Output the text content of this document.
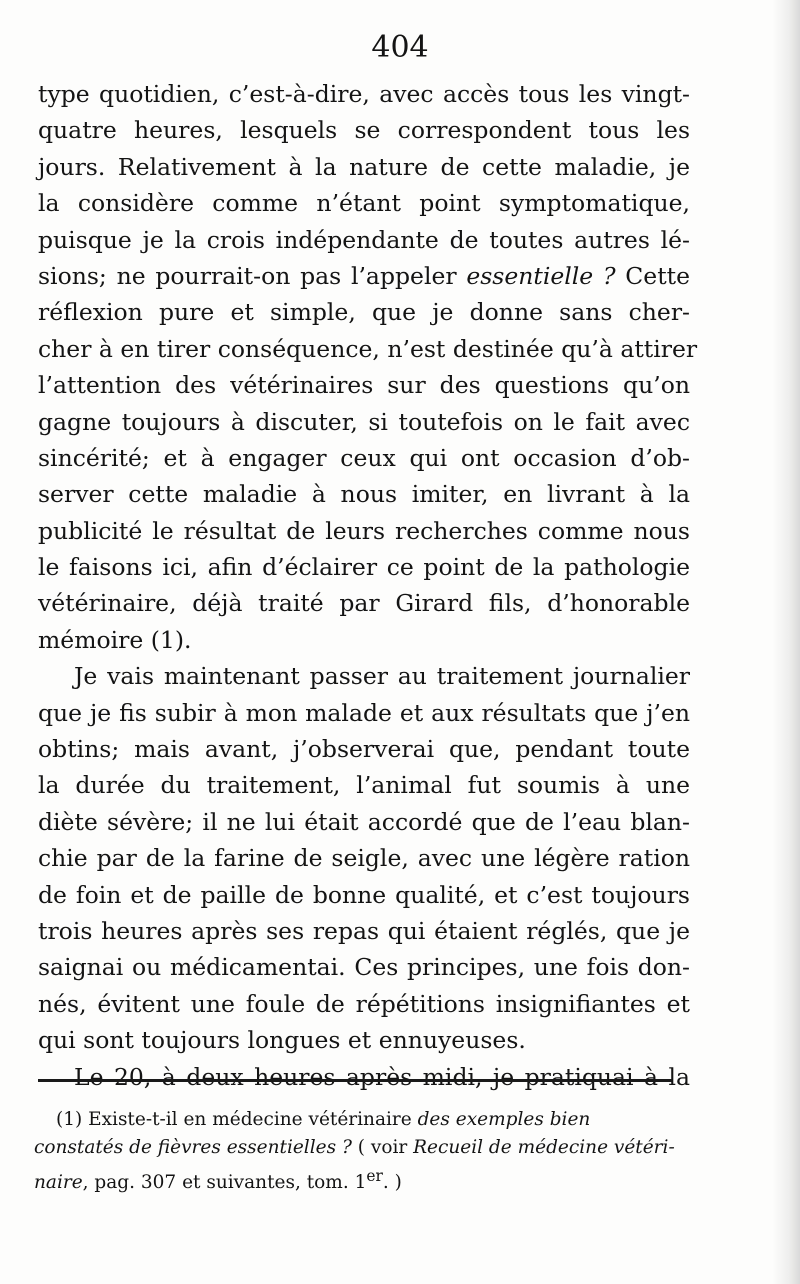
404
type quotidien, c’est-à-dire, avec accès tous les vingt-
quatre heures, lesquels se correspondent tous les
jours. Relativement à la nature de cette maladie, je
la considère comme n’étant point symptomatique,
puisque je la crois indépendante de toutes autres lé-
sions; ne pourrait-on pas l’appeler essentielle ? Cette
réflexion pure et simple, que je donne sans cher-
cher à en tirer conséquence, n’est destinée qu’à attirer
l’attention des vétérinaires sur des questions qu’on
gagne toujours à discuter, si toutefois on le fait avec
sincérité; et à engager ceux qui ont occasion d’ob-
server cette maladie à nous imiter, en livrant à la
publicité le résultat de leurs recherches comme nous
le faisons ici, afin d’éclairer ce point de la pathologie
vétérinaire, déjà traité par Girard fils, d’honorable
mémoire (1).
Je vais maintenant passer au traitement journalier
que je fis subir à mon malade et aux résultats que j’en
obtins; mais avant, j’observerai que, pendant toute
la durée du traitement, l’animal fut soumis à une
diète sévère; il ne lui était accordé que de l’eau blan-
chie par de la farine de seigle, avec une légère ration
de foin et de paille de bonne qualité, et c’est toujours
trois heures après ses repas qui étaient réglés, que je
saignai ou médicamentai. Ces principes, une fois don-
nés, évitent une foule de répétitions insignifiantes et
qui sont toujours longues et ennuyeuses.
Le 20, à deux heures après midi, je pratiquai à la
(1) Existe-t-il en médecine vétérinaire des exemples bien
constatés de fièvres essentielles ? ( voir Recueil de médecine vétéri-
naire, pag. 307 et suivantes, tom. 1er. )
